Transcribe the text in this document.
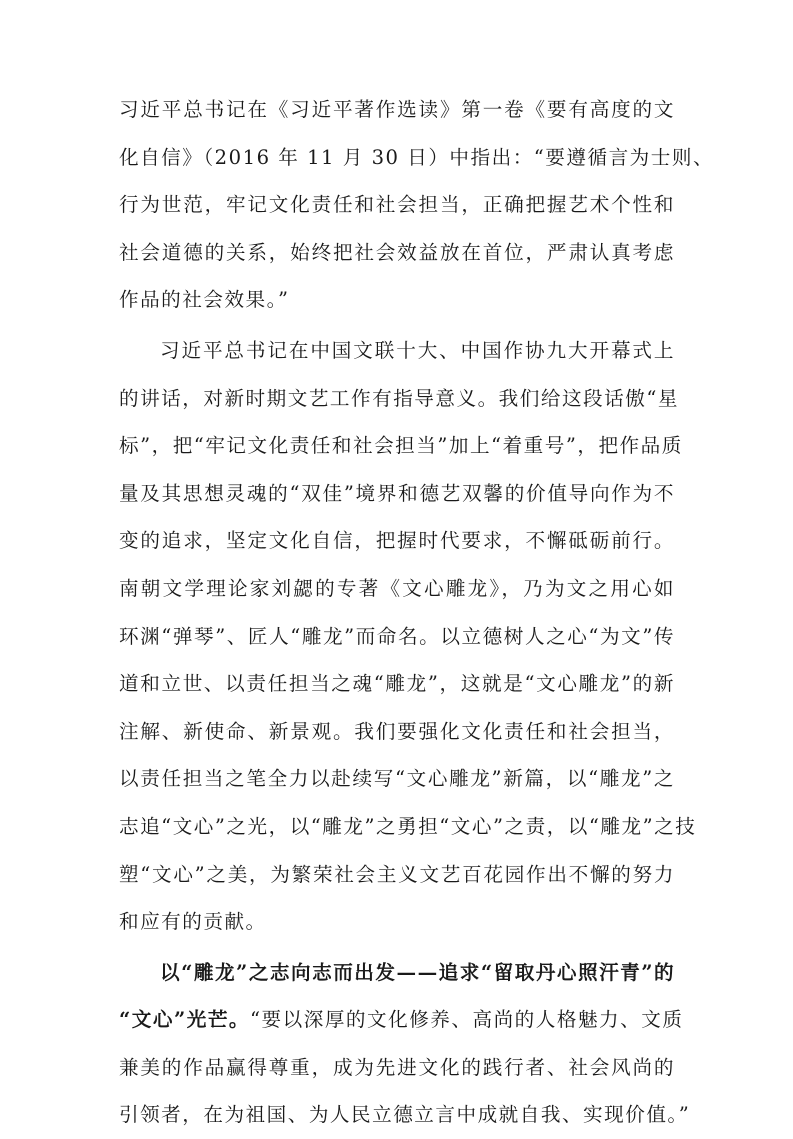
习近平总书记在《习近平著作选读》第一卷《要有高度的文
化自信》（2016 年 11 月 30 日）中指出：“要遵循言为士则、
行为世范，牢记文化责任和社会担当，正确把握艺术个性和
社会道德的关系，始终把社会效益放在首位，严肃认真考虑
作品的社会效果。”

习近平总书记在中国文联十大、中国作协九大开幕式上
的讲话，对新时期文艺工作有指导意义。我们给这段话傲“星
标”，把“牢记文化责任和社会担当”加上“着重号”，把作品质
量及其思想灵魂的“双佳”境界和德艺双馨的价值导向作为不
变的追求，坚定文化自信，把握时代要求，不懈砥砺前行。
南朝文学理论家刘勰的专著《文心雕龙》，乃为文之用心如
环渊“弹琴”、匠人“雕龙”而命名。以立德树人之心“为文”传
道和立世、以责任担当之魂“雕龙”，这就是“文心雕龙”的新
注解、新使命、新景观。我们要强化文化责任和社会担当，
以责任担当之笔全力以赴续写“文心雕龙”新篇，以“雕龙”之
志追“文心”之光，以“雕龙”之勇担“文心”之责，以“雕龙”之技
塑“文心”之美，为繁荣社会主义文艺百花园作出不懈的努力
和应有的贡献。

以“雕龙”之志向志而出发——追求“留取丹心照汗青”的
“文心”光芒。“要以深厚的文化修养、高尚的人格魅力、文质
兼美的作品赢得尊重，成为先进文化的践行者、社会风尚的
引领者，在为祖国、为人民立德立言中成就自我、实现价值。”
